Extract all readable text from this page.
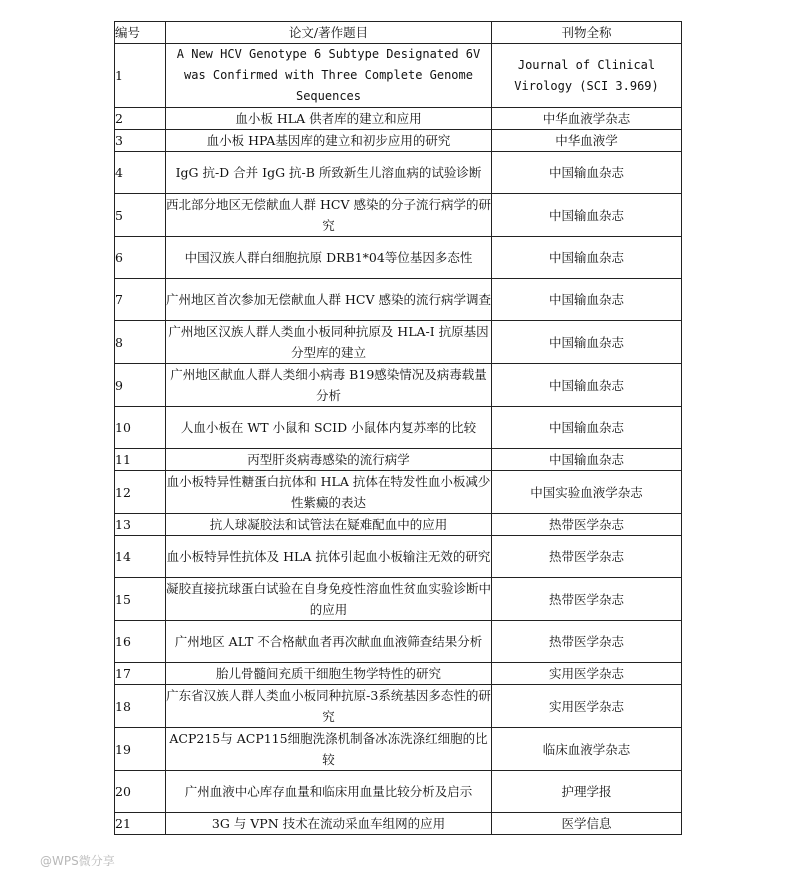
编号	论文/著作题目	刊物全称
1	A New HCV Genotype 6 Subtype Designated 6V was Confirmed with Three Complete Genome Sequences	Journal of Clinical Virology (SCI 3.969)
2	血小板 HLA 供者库的建立和应用	中华血液学杂志
3	血小板 HPA基因库的建立和初步应用的研究	中华血液学
4	IgG 抗-D 合并 IgG 抗-B 所致新生儿溶血病的试验诊断	中国输血杂志
5	西北部分地区无偿献血人群 HCV 感染的分子流行病学的研究	中国输血杂志
6	中国汉族人群白细胞抗原 DRB1*04等位基因多态性	中国输血杂志
7	广州地区首次参加无偿献血人群 HCV 感染的流行病学调查	中国输血杂志
8	广州地区汉族人群人类血小板同种抗原及 HLA-I 抗原基因分型库的建立	中国输血杂志
9	广州地区献血人群人类细小病毒 B19感染情况及病毒载量分析	中国输血杂志
10	人血小板在 WT 小鼠和 SCID 小鼠体内复苏率的比较	中国输血杂志
11	丙型肝炎病毒感染的流行病学	中国输血杂志
12	血小板特异性糖蛋白抗体和 HLA 抗体在特发性血小板减少性紫癜的表达	中国实验血液学杂志
13	抗人球凝胶法和试管法在疑难配血中的应用	热带医学杂志
14	血小板特异性抗体及 HLA 抗体引起血小板输注无效的研究	热带医学杂志
15	凝胶直接抗球蛋白试验在自身免疫性溶血性贫血实验诊断中的应用	热带医学杂志
16	广州地区 ALT 不合格献血者再次献血血液筛查结果分析	热带医学杂志
17	胎儿骨髓间充质干细胞生物学特性的研究	实用医学杂志
18	广东省汉族人群人类血小板同种抗原-3系统基因多态性的研究	实用医学杂志
19	ACP215与 ACP115细胞洗涤机制备冰冻洗涤红细胞的比较	临床血液学杂志
20	广州血液中心库存血量和临床用血量比较分析及启示	护理学报
21	3G 与 VPN 技术在流动采血车组网的应用	医学信息
@WPS微分享
